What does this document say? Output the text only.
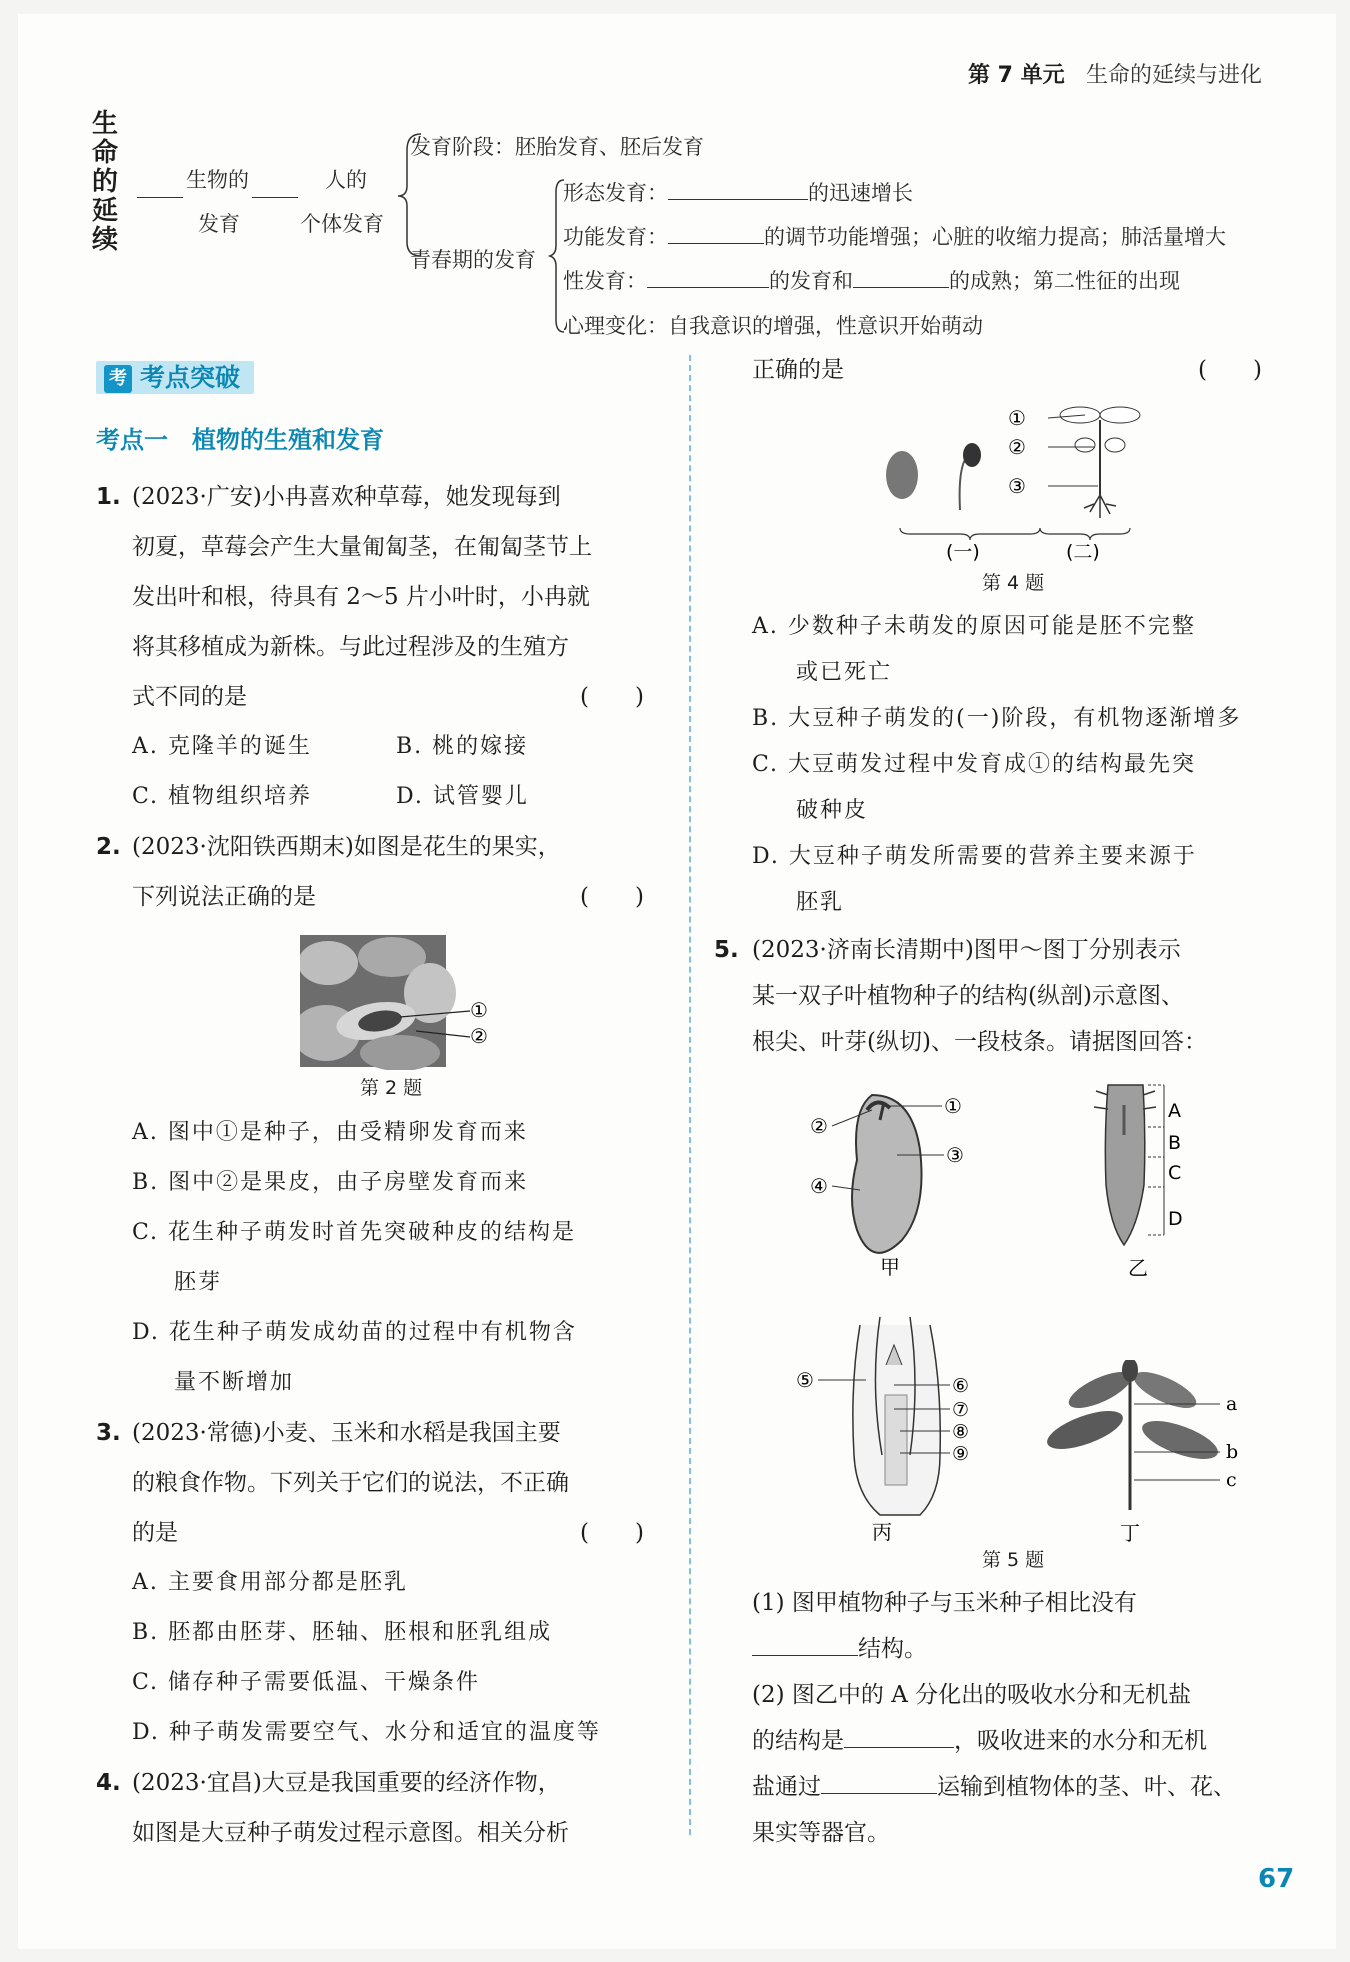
第 7 单元 生命的延续与进化
生命的延续
生物的
发育
人的
个体发育
发育阶段：胚胎发育、胚后发育
青春期的发育
形态发育：	的迅速增长
功能发育：	的调节功能增强；心脏的收缩力提高；肺活量增大
性发育：	的发育和	的成熟；第二性征的出现
心理变化：自我意识的增强，性意识开始萌动
考 考点突破
考点一　植物的生殖和发育
1. (2023·广安)小冉喜欢种草莓，她发现每到
初夏，草莓会产生大量匍匐茎，在匍匐茎节上
发出叶和根，待具有 2～5 片小叶时，小冉就
将其移植成为新株。与此过程涉及的生殖方
式不同的是	(　　)
A. 克隆羊的诞生	B. 桃的嫁接
C. 植物组织培养	D. 试管婴儿
2. (2023·沈阳铁西期末)如图是花生的果实，
下列说法正确的是	(　　)
①
②
第 2 题
A. 图中①是种子，由受精卵发育而来
B. 图中②是果皮，由子房壁发育而来
C. 花生种子萌发时首先突破种皮的结构是
胚芽
D. 花生种子萌发成幼苗的过程中有机物含
量不断增加
3. (2023·常德)小麦、玉米和水稻是我国主要
的粮食作物。下列关于它们的说法，不正确
的是	(　　)
A. 主要食用部分都是胚乳
B. 胚都由胚芽、胚轴、胚根和胚乳组成
C. 储存种子需要低温、干燥条件
D. 种子萌发需要空气、水分和适宜的温度等
4. (2023·宜昌)大豆是我国重要的经济作物，
如图是大豆种子萌发过程示意图。相关分析
正确的是	(　　)
①
②
③
(一)	(二)
第 4 题
A. 少数种子未萌发的原因可能是胚不完整
或已死亡
B. 大豆种子萌发的(一)阶段，有机物逐渐增多
C. 大豆萌发过程中发育成①的结构最先突
破种皮
D. 大豆种子萌发所需要的营养主要来源于
胚乳
5. (2023·济南长清期中)图甲～图丁分别表示
某一双子叶植物种子的结构(纵剖)示意图、
根尖、叶芽(纵切)、一段枝条。请据图回答：
①
②
③
④
甲
A
B
C
D
乙
⑤	⑥
⑦
⑧
⑨
丙
a
b
c
丁
第 5 题
(1) 图甲植物种子与玉米种子相比没有
结构。
(2) 图乙中的 A 分化出的吸收水分和无机盐
的结构是	，吸收进来的水分和无机
盐通过	运输到植物体的茎、叶、花、
果实等器官。
67
